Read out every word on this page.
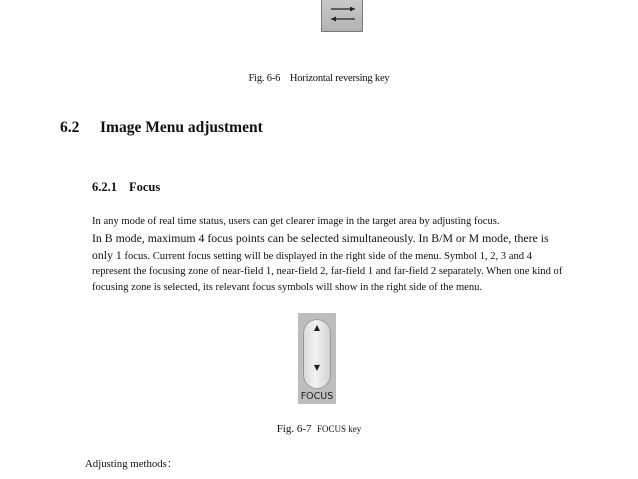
Fig. 6-6 Horizontal reversing key
6.2 Image Menu adjustment
6.2.1 Focus
In any mode of real time status, users can get clearer image in the target area by adjusting focus.
In B mode, maximum 4 focus points can be selected simultaneously. In B/M or M mode, there is only 1 focus. Current focus setting will be displayed in the right side of the menu. Symbol 1, 2, 3 and 4 represent the focusing zone of near-field 1, near-field 2, far-field 1 and far-field 2 separately. When one kind of focusing zone is selected, its relevant focus symbols will show in the right side of the menu.
▲
▼
FOCUS
Fig. 6-7 FOCUS key
Adjusting methods：
